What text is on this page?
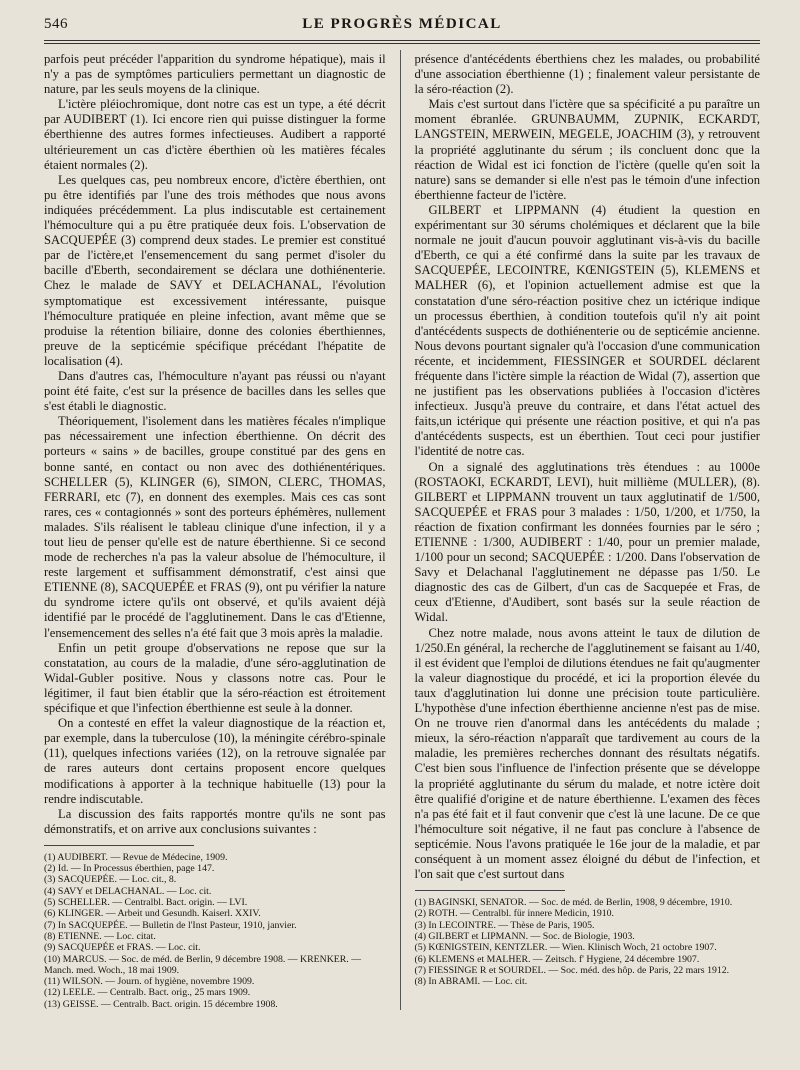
546	LE PROGRÈS MÉDICAL

parfois peut précéder l'apparition du syndrome hépatique), mais il n'y a pas de symptômes particuliers permettant un diagnostic de nature, par les seuls moyens de la clinique.

L'ictère pléiochromique, dont notre cas est un type, a été décrit par AUDIBERT (1). Ici encore rien qui puisse distinguer la forme éberthienne des autres formes infectieuses. Audibert a rapporté ultérieurement un cas d'ictère éberthien où les matières fécales étaient normales (2).

Les quelques cas, peu nombreux encore, d'ictère éberthien, ont pu être identifiés par l'une des trois méthodes que nous avons indiquées précédemment. La plus indiscutable est certainement l'hémoculture qui a pu être pratiquée deux fois. L'observation de SACQUEPÉE (3) comprend deux stades. Le premier est constitué par de l'ictère,et l'ensemencement du sang permet d'isoler du bacille d'Eberth, secondairement se déclara une dothiénenterie. Chez le malade de SAVY et DELACHANAL, l'évolution symptomatique est excessivement intéressante, puisque l'hémoculture pratiquée en pleine infection, avant même que se produise la rétention biliaire, donne des colonies éberthiennes, preuve de la septicémie spécifique précédant l'hépatite de localisation (4).

Dans d'autres cas, l'hémoculture n'ayant pas réussi ou n'ayant point été faite, c'est sur la présence de bacilles dans les selles que s'est établi le diagnostic.

Théoriquement, l'isolement dans les matières fécales n'implique pas nécessairement une infection éberthienne. On décrit des porteurs « sains » de bacilles, groupe constitué par des gens en bonne santé, en contact ou non avec des dothiénentériques. SCHELLER (5), KLINGER (6), SIMON, CLERC, THOMAS, FERRARI, etc (7), en donnent des exemples. Mais ces cas sont rares, ces « contagionnés » sont des porteurs éphémères, nullement malades. S'ils réalisent le tableau clinique d'une infection, il y a tout lieu de penser qu'elle est de nature éberthienne. Si ce second mode de recherches n'a pas la valeur absolue de l'hémoculture, il reste largement et suffisamment démonstratif, c'est ainsi que ETIENNE (8), SACQUEPÉE et FRAS (9), ont pu vérifier la nature du syndrome ictere qu'ils ont observé, et qu'ils avaient déjà identifié par le procédé de l'agglutinement. Dans le cas d'Etienne, l'ensemencement des selles n'a été fait que 3 mois après la maladie.

Enfin un petit groupe d'observations ne repose que sur la constatation, au cours de la maladie, d'une séro-agglutination de Widal-Gubler positive. Nous y classons notre cas. Pour le légitimer, il faut bien établir que la séro-réaction est étroitement spécifique et que l'infection éberthienne est seule à la donner.

On a contesté en effet la valeur diagnostique de la réaction et, par exemple, dans la tuberculose (10), la méningite cérébro-spinale (11), quelques infections variées (12), on la retrouve signalée par de rares auteurs dont certains proposent encore quelques modifications à apporter à la technique habituelle (13) pour la rendre indiscutable.

La discussion des faits rapportés montre qu'ils ne sont pas démonstratifs, et on arrive aux conclusions suivantes :

(1) AUDIBERT. — Revue de Médecine, 1909.
(2) Id. — In Processus éberthien, page 147.
(3) SACQUEPÉE. — Loc. cit., 8.
(4) SAVY et DELACHANAL. — Loc. cit.
(5) SCHELLER. — Centralbl. Bact. origin. — LVI.
(6) KLINGER. — Arbeit und Gesundh. Kaiserl. XXIV.
(7) In SACQUEPÉE. — Bulletin de l'Inst Pasteur, 1910, janvier.
(8) ETIENNE. — Loc. citat.
(9) SACQUEPÉE et FRAS. — Loc. cit.
(10) MARCUS. — Soc. de méd. de Berlin, 9 décembre 1908. — KRENKER. — Manch. med. Woch., 18 mai 1909.
(11) WILSON. — Journ. of hygiène, novembre 1909.
(12) LEELE. — Centralb. Bact. orig., 25 mars 1909.
(13) GEISSE. — Centralb. Bact. origin. 15 décembre 1908.

présence d'antécédents éberthiens chez les malades, ou probabilité d'une association éberthienne (1) ; finalement valeur persistante de la séro-réaction (2).

Mais c'est surtout dans l'ictère que sa spécificité a pu paraître un moment ébranlée. GRUNBAUMM, ZUPNIK, ECKARDT, LANGSTEIN, MERWEIN, MEGELE, JOACHIM (3), y retrouvent la propriété agglutinante du sérum ; ils concluent donc que la réaction de Widal est ici fonction de l'ictère (quelle qu'en soit la nature) sans se demander si elle n'est pas le témoin d'une infection éberthienne facteur de l'ictère.

GILBERT et LIPPMANN (4) étudient la question en expérimentant sur 30 sérums cholémiques et déclarent que la bile normale ne jouit d'aucun pouvoir agglutinant vis-à-vis du bacille d'Eberth, ce qui a été confirmé dans la suite par les travaux de SACQUEPÉE, LECOINTRE, KŒNIGSTEIN (5), KLEMENS et MALHER (6), et l'opinion actuellement admise est que la constatation d'une séro-réaction positive chez un ictérique indique un processus éberthien, à condition toutefois qu'il n'y ait point d'antécédents suspects de dothiénenterie ou de septicémie ancienne. Nous devons pourtant signaler qu'à l'occasion d'une communication récente, et incidemment, FIESSINGER et SOURDEL déclarent fréquente dans l'ictère simple la réaction de Widal (7), assertion que ne justifient pas les observations publiées à l'occasion d'ictères infectieux. Jusqu'à preuve du contraire, et dans l'état actuel des faits,un ictérique qui présente une réaction positive, et qui n'a pas d'antécédents suspects, est un éberthien. Tout ceci pour justifier l'identité de notre cas.

On a signalé des agglutinations très étendues : au 1000e (ROSTAOKI, ECKARDT, LEVI), huit millième (MULLER), (8). GILBERT et LIPPMANN trouvent un taux agglutinatif de 1/500, SACQUEPÉE et FRAS pour 3 malades : 1/50, 1/200, et 1/750, la réaction de fixation confirmant les données fournies par le séro ; ETIENNE : 1/300, AUDIBERT : 1/40, pour un premier malade, 1/100 pour un second; SACQUEPÉE : 1/200. Dans l'observation de Savy et Delachanal l'agglutinement ne dépasse pas 1/50. Le diagnostic des cas de Gilbert, d'un cas de Sacquepée et Fras, de ceux d'Etienne, d'Audibert, sont basés sur la seule réaction de Widal.

Chez notre malade, nous avons atteint le taux de dilution de 1/250.En général, la recherche de l'agglutinement se faisant au 1/40, il est évident que l'emploi de dilutions étendues ne fait qu'augmenter la valeur diagnostique du procédé, et ici la proportion élevée du taux d'agglutination lui donne une précision toute particulière. L'hypothèse d'une infection éberthienne ancienne n'est pas de mise. On ne trouve rien d'anormal dans les antécédents du malade ; mieux, la séro-réaction n'apparaît que tardivement au cours de la maladie, les premières recherches donnant des résultats négatifs. C'est bien sous l'influence de l'infection présente que se développe la propriété agglutinante du sérum du malade, et notre ictère doit être qualifié d'origine et de nature éberthienne. L'examen des fèces n'a pas été fait et il faut convenir que c'est là une lacune. De ce que l'hémoculture soit négative, il ne faut pas conclure à l'absence de septicémie. Nous l'avons pratiquée le 16e jour de la maladie, et par conséquent à un moment assez éloigné du début de l'infection, et l'on sait que c'est surtout dans

(1) BAGINSKI, SENATOR. — Soc. de méd. de Berlin, 1908, 9 décembre, 1910.
(2) ROTH. — Centralbl. für innere Medicin, 1910.
(3) In LECOINTRE. — Thèse de Paris, 1905.
(4) GILBERT et LIPMANN. — Soc. de Biologie, 1903.
(5) KŒNIGSTEIN, KENTZLER. — Wien. Klinisch Woch, 21 octobre 1907.
(6) KLEMENS et MALHER. — Zeitsch. f' Hygiene, 24 décembre 1907.
(7) FIESSINGE R et SOURDEL. — Soc. méd. des hôp. de Paris, 22 mars 1912.
(8) In ABRAMI. — Loc. cit.
